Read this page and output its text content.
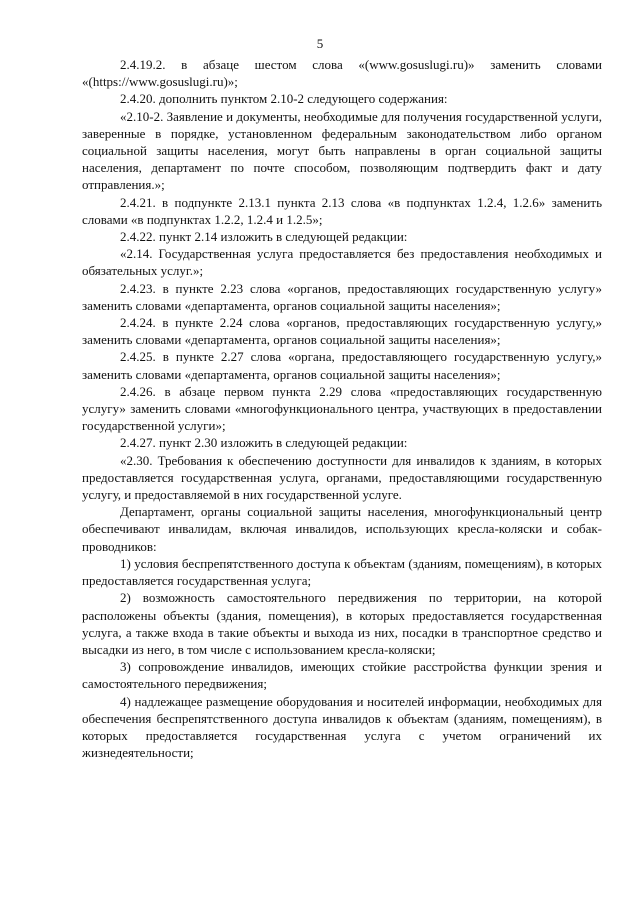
5

2.4.19.2. в абзаце шестом слова «(www.gosuslugi.ru)» заменить словами «(https://www.gosuslugi.ru)»;

2.4.20. дополнить пунктом 2.10-2 следующего содержания:

«2.10-2. Заявление и документы, необходимые для получения государственной услуги, заверенные в порядке, установленном федеральным законодательством либо органом социальной защиты населения, могут быть направлены в орган социальной защиты населения, департамент по почте способом, позволяющим подтвердить факт и дату отправления.»;

2.4.21. в подпункте 2.13.1 пункта 2.13 слова «в подпунктах 1.2.4, 1.2.6» заменить словами «в подпунктах 1.2.2, 1.2.4 и 1.2.5»;

2.4.22. пункт 2.14 изложить в следующей редакции:

«2.14. Государственная услуга предоставляется без предоставления необходимых и обязательных услуг.»;

2.4.23. в пункте 2.23 слова «органов, предоставляющих государственную услугу» заменить словами «департамента, органов социальной защиты населения»;

2.4.24. в пункте 2.24 слова «органов, предоставляющих государственную услугу,» заменить словами «департамента, органов социальной защиты населения»;

2.4.25. в пункте 2.27 слова «органа, предоставляющего государственную услугу,» заменить словами «департамента, органов социальной защиты населения»;

2.4.26. в абзаце первом пункта 2.29 слова «предоставляющих государственную услугу» заменить словами «многофункционального центра, участвующих в предоставлении государственной услуги»;

2.4.27. пункт 2.30 изложить в следующей редакции:

«2.30. Требования к обеспечению доступности для инвалидов к зданиям, в которых предоставляется государственная услуга, органами, предоставляющими государственную услугу, и предоставляемой в них государственной услуге.

Департамент, органы социальной защиты населения, многофункциональный центр обеспечивают инвалидам, включая инвалидов, использующих кресла-коляски и собак-проводников:

1) условия беспрепятственного доступа к объектам (зданиям, помещениям), в которых предоставляется государственная услуга;

2) возможность самостоятельного передвижения по территории, на которой расположены объекты (здания, помещения), в которых предоставляется государственная услуга, а также входа в такие объекты и выхода из них, посадки в транспортное средство и высадки из него, в том числе с использованием кресла-коляски;

3) сопровождение инвалидов, имеющих стойкие расстройства функции зрения и самостоятельного передвижения;

4) надлежащее размещение оборудования и носителей информации, необходимых для обеспечения беспрепятственного доступа инвалидов к объектам (зданиям, помещениям), в которых предоставляется государственная услуга с учетом ограничений их жизнедеятельности;
